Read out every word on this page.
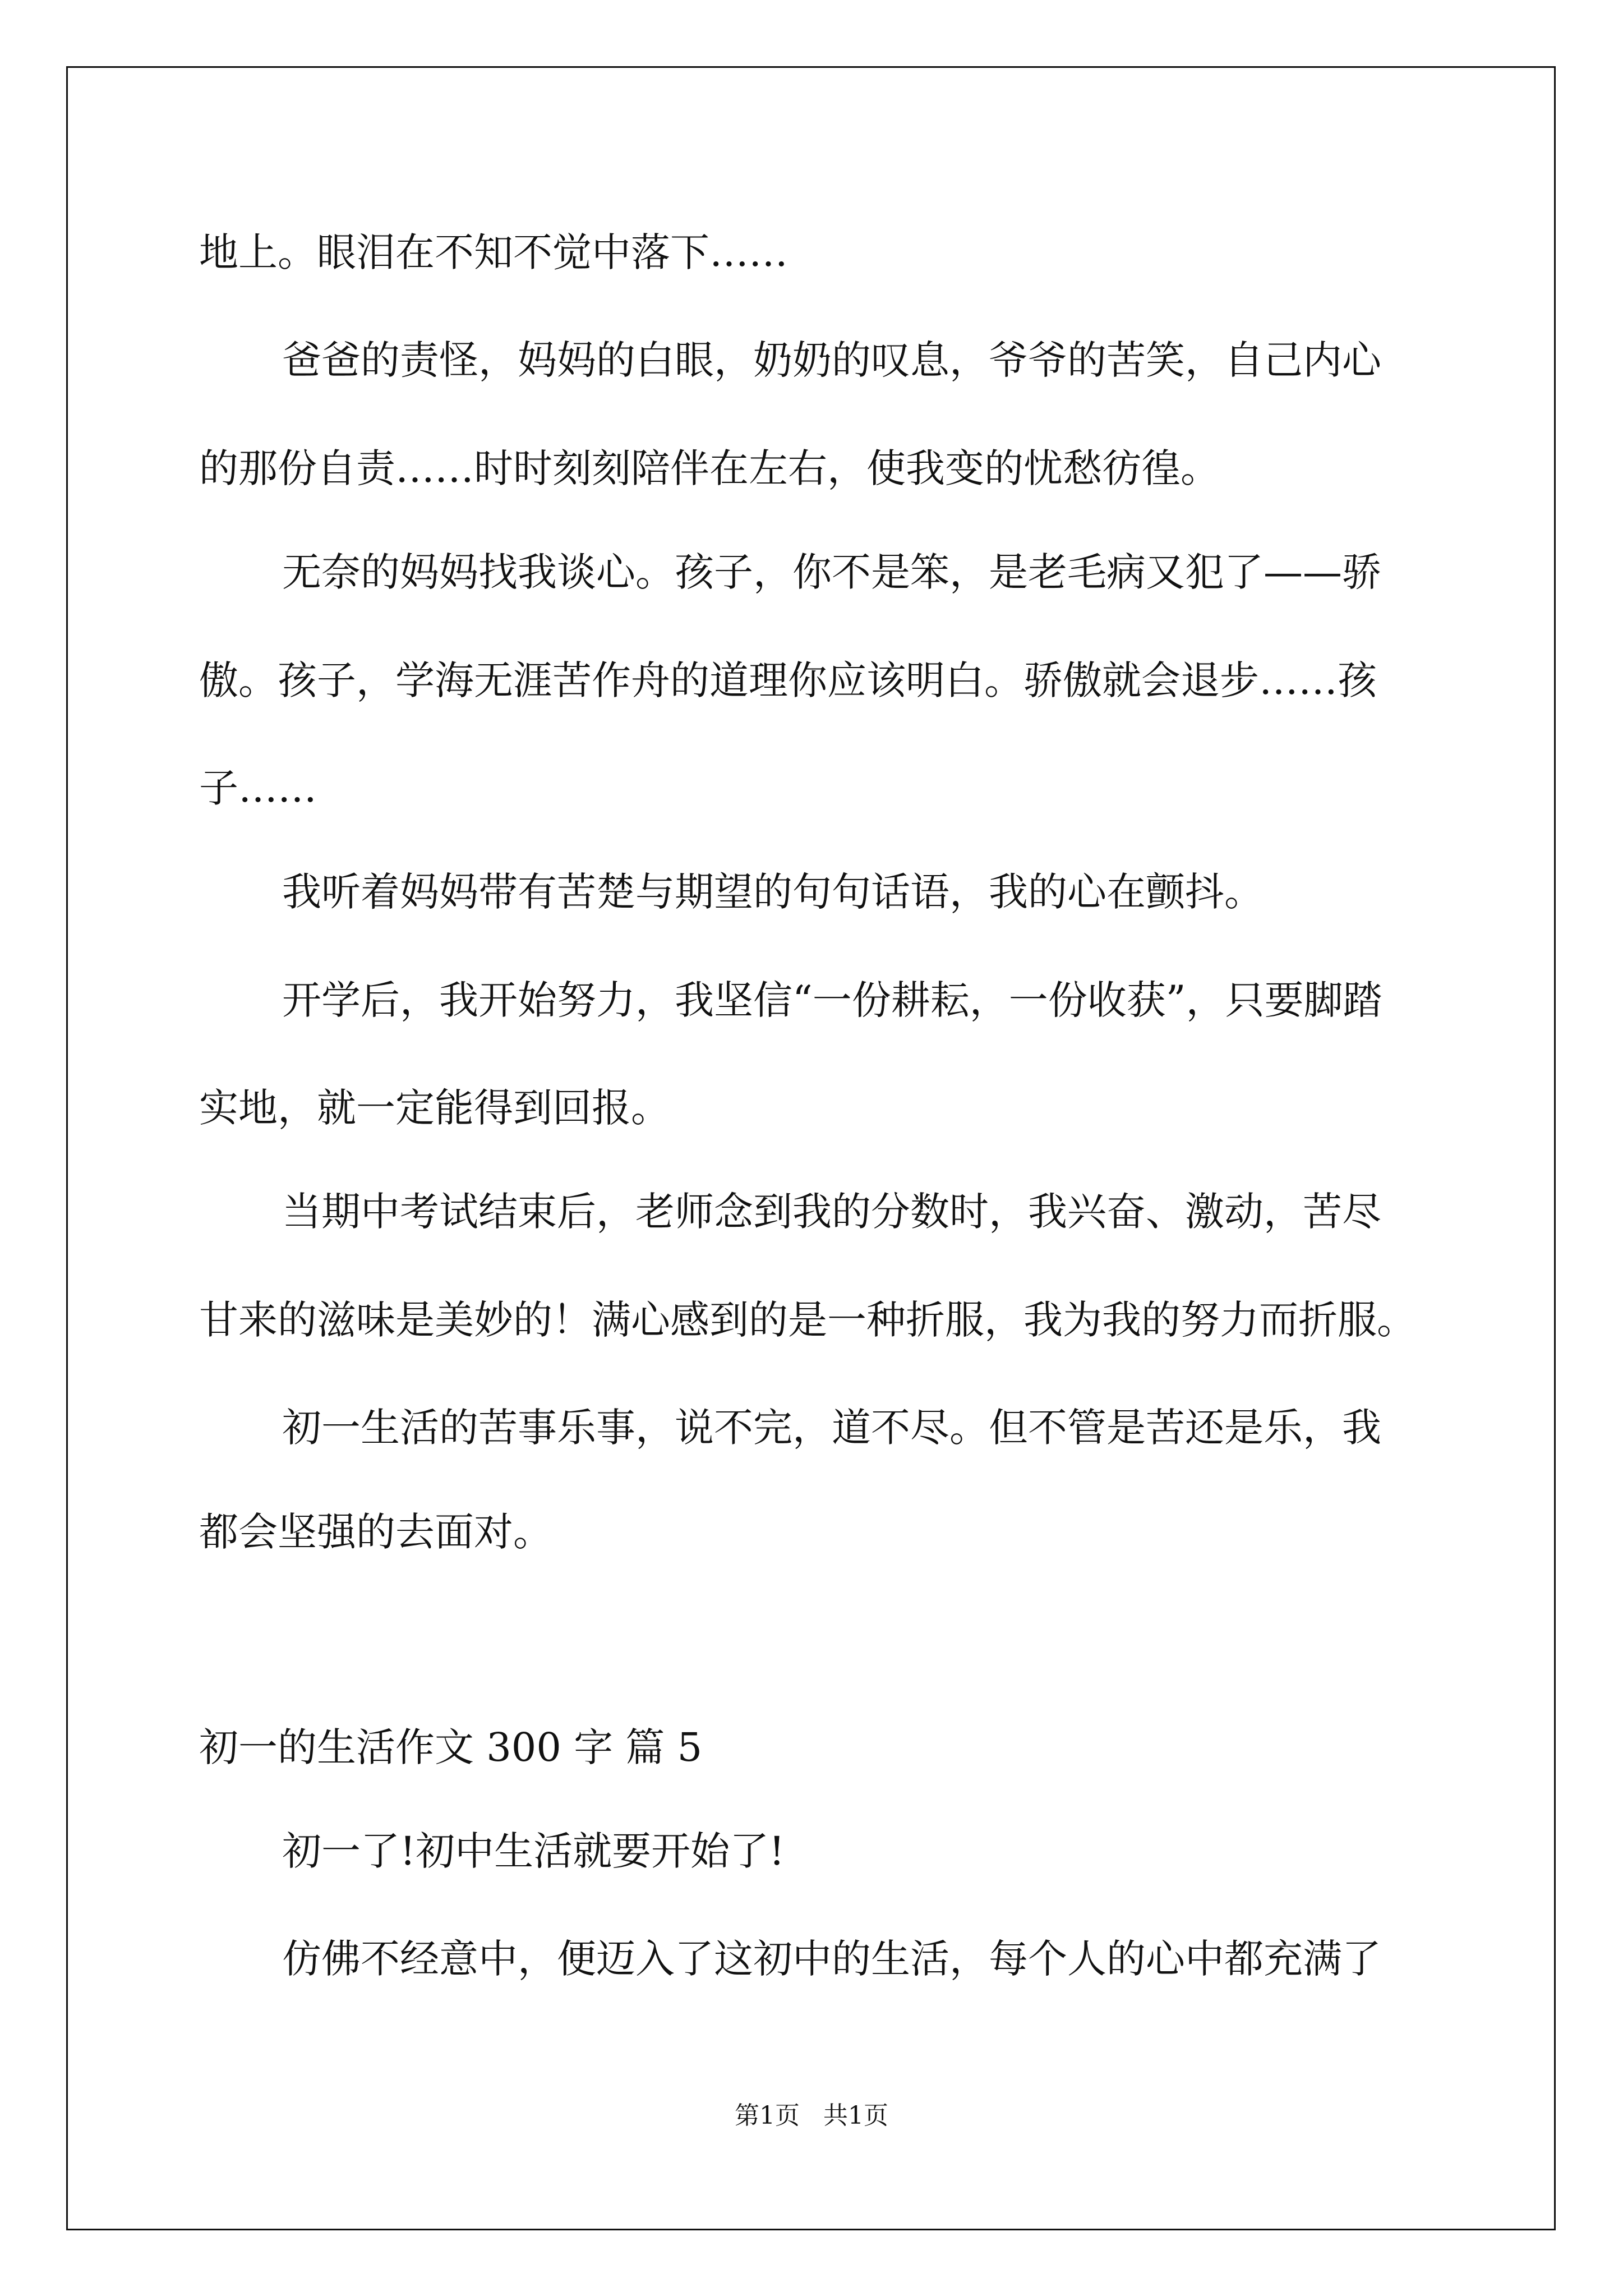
地上。眼泪在不知不觉中落下……

爸爸的责怪，妈妈的白眼，奶奶的叹息，爷爷的苦笑，自己内心

的那份自责……时时刻刻陪伴在左右，使我变的忧愁彷徨。

无奈的妈妈找我谈心。孩子，你不是笨，是老毛病又犯了——骄

傲。孩子，学海无涯苦作舟的道理你应该明白。骄傲就会退步……孩

子……

我听着妈妈带有苦楚与期望的句句话语，我的心在颤抖。

开学后，我开始努力，我坚信“一份耕耘，一份收获”，只要脚踏

实地，就一定能得到回报。

当期中考试结束后，老师念到我的分数时，我兴奋、激动，苦尽

甘来的滋味是美妙的！满心感到的是一种折服，我为我的努力而折服。

初一生活的苦事乐事，说不完，道不尽。但不管是苦还是乐，我

都会坚强的去面对。

初一的生活作文 300 字 篇 5

初一了!初中生活就要开始了!

仿佛不经意中，便迈入了这初中的生活，每个人的心中都充满了

第1页   共1页
